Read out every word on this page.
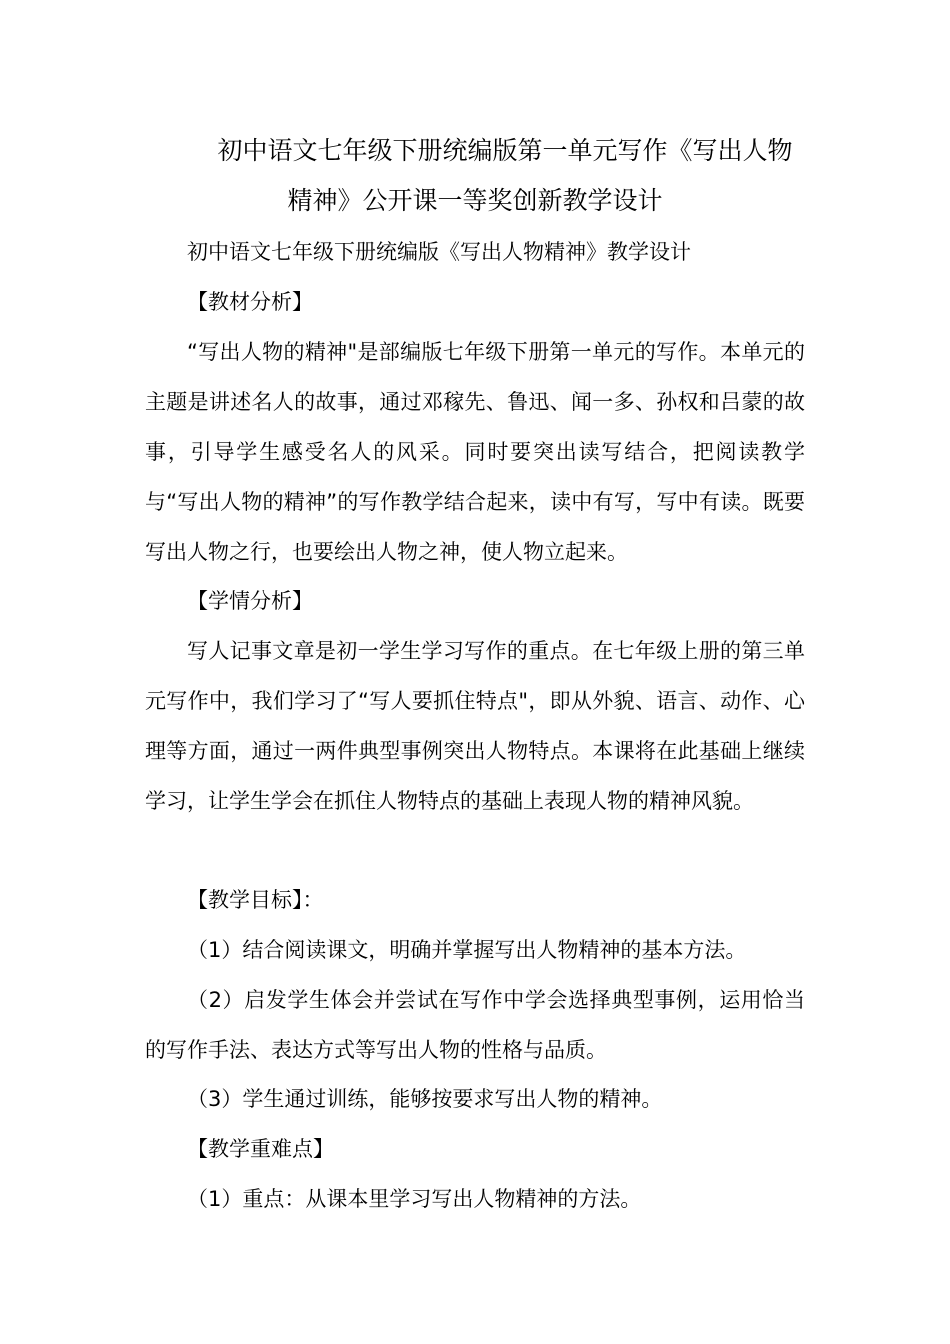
初中语文七年级下册统编版第一单元写作《写出人物
精神》公开课一等奖创新教学设计

初中语文七年级下册统编版《写出人物精神》教学设计

【教材分析】

“写出人物的精神"是部编版七年级下册第一单元的写作。本单元的主题是讲述名人的故事，通过邓稼先、鲁迅、闻一多、孙权和吕蒙的故事，引导学生感受名人的风采。同时要突出读写结合，把阅读教学与“写出人物的精神”的写作教学结合起来，读中有写，写中有读。既要写出人物之行，也要绘出人物之神，使人物立起来。

【学情分析】

写人记事文章是初一学生学习写作的重点。在七年级上册的第三单元写作中，我们学习了“写人要抓住特点"，即从外貌、语言、动作、心理等方面，通过一两件典型事例突出人物特点。本课将在此基础上继续学习，让学生学会在抓住人物特点的基础上表现人物的精神风貌。

【教学目标】：

（1）结合阅读课文，明确并掌握写出人物精神的基本方法。

（2）启发学生体会并尝试在写作中学会选择典型事例，运用恰当的写作手法、表达方式等写出人物的性格与品质。

（3）学生通过训练，能够按要求写出人物的精神。

【教学重难点】

（1）重点：从课本里学习写出人物精神的方法。
